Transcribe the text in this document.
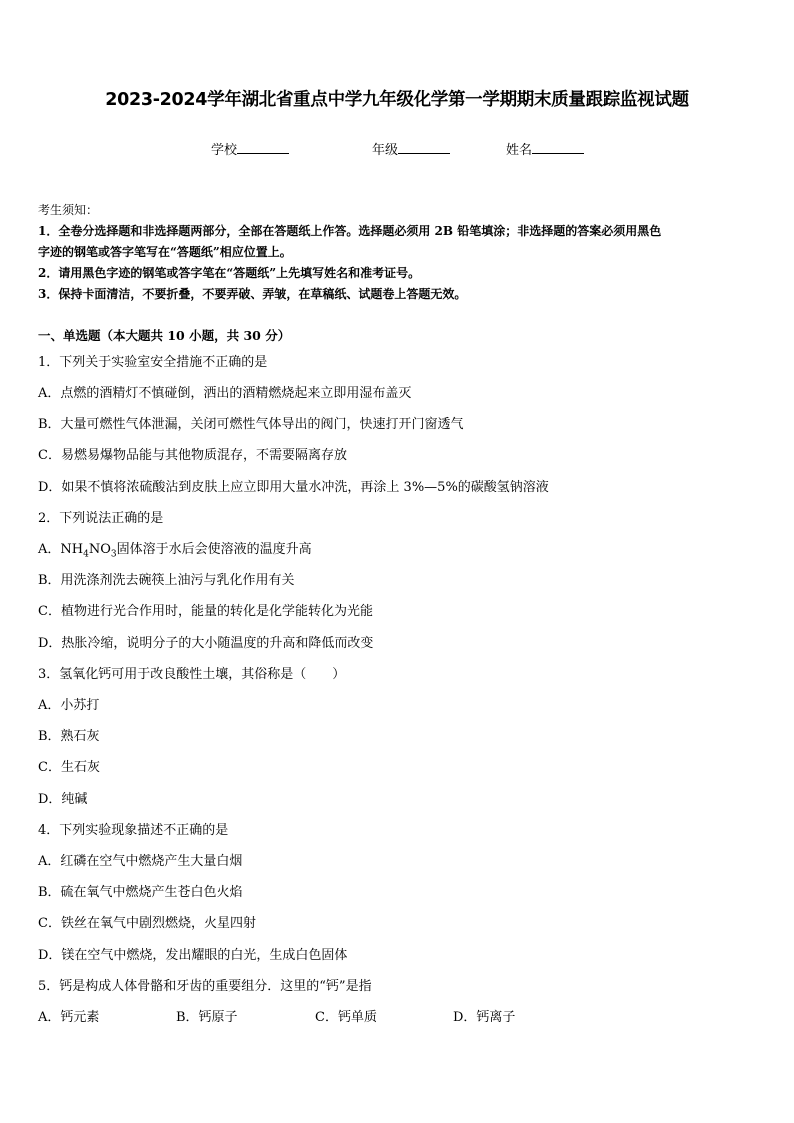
2023-2024学年湖北省重点中学九年级化学第一学期期末质量跟踪监视试题
学校	年级	姓名
考生须知：
1．全卷分选择题和非选择题两部分，全部在答题纸上作答。选择题必须用 2B 铅笔填涂；非选择题的答案必须用黑色
字迹的钢笔或答字笔写在“答题纸”相应位置上。
2．请用黑色字迹的钢笔或答字笔在“答题纸”上先填写姓名和准考证号。
3．保持卡面清洁，不要折叠，不要弄破、弄皱，在草稿纸、试题卷上答题无效。
一、单选题（本大题共 10 小题，共 30 分）
1．下列关于实验室安全措施不正确的是
A．点燃的酒精灯不慎碰倒，洒出的酒精燃烧起来立即用湿布盖灭
B．大量可燃性气体泄漏，关闭可燃性气体导出的阀门，快速打开门窗透气
C．易燃易爆物品能与其他物质混存，不需要隔离存放
D．如果不慎将浓硫酸沾到皮肤上应立即用大量水冲洗，再涂上 3%—5%的碳酸氢钠溶液
2．下列说法正确的是
A．$NH_4NO_3$固体溶于水后会使溶液的温度升高
B．用洗涤剂洗去碗筷上油污与乳化作用有关
C．植物进行光合作用时，能量的转化是化学能转化为光能
D．热胀冷缩，说明分子的大小随温度的升高和降低而改变
3．氢氧化钙可用于改良酸性土壤，其俗称是（　　）
A．小苏打
B．熟石灰
C．生石灰
D．纯碱
4．下列实验现象描述不正确的是
A．红磷在空气中燃烧产生大量白烟
B．硫在氧气中燃烧产生苍白色火焰
C．铁丝在氧气中剧烈燃烧，火星四射
D．镁在空气中燃烧，发出耀眼的白光，生成白色固体
5．钙是构成人体骨骼和牙齿的重要组分．这里的“钙”是指
A．钙元素	B．钙原子	C．钙单质	D．钙离子
